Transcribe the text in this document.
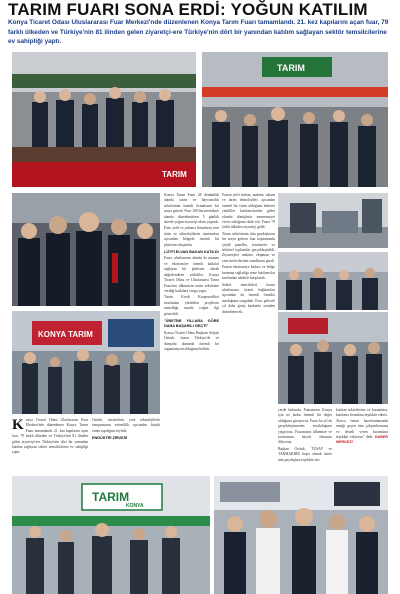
TARIM FUARI SONA ERDİ: YOĞUN KATILIM
Konya Ticaret Odası Uluslararası Fuar Merkezi'nde düzenlenen Konya Tarım Fuarı tamamlandı. 21. kez kapılarını açan fuar, 79 farklı ülkeden ve Türkiye'nin 81 ilinden gelen ziyaretçi-ere Türkiye'nin dört bir yanından katılım sağlayan sektör temsilcilerine ev sahipliği yaptı.
TARIM
TARIM
KONYA TARIM
TARIM
KONYA

Konya Ticaret Odası Uluslararası Fuar Merkezi'nde düzenlenen Konya Tarım Fuarı tamamlandı. 21. kez kapılarını açan fuar, 79 farklı ülkeden ve Türkiye'nin 81 ilinden gelen ziyaretçi-ere Türkiye'nin dört bir yanından katılım sağlayan sektör temsilcilerine ev sahipliği yaptı.

Öztürk, üreticilerin yeni teknolojilerle tanışmasının verimlilik açısından büyük önem taşıdığını söyledi.

ENDÜSTRİ ZİRVESİ

Konya Tarım Fuarı 28 dönümlük alanda tarım ve hayvancılık sektörünün önemli firmalarını bir araya getirdi. Fuar 100 bin metrekare alanda düzenlenirken 5 günlük sürede yoğun ziyaretçi akını yaşandı.

Fuar, yerli ve yabancı firmaların yeni ürün ve teknolojilerini tanıtmaları açısından bölgede önemli bir platform oluşturdu.

LÜTFİ ELVAN BAKAN KATILDI

Fuarı, uluslararası alanda da tanınan ve ekonomiye önemli katkılar sağlayan bir platform olarak değerlendiren yetkililer, Konya Ticaret Odası ve Uluslararası Tarım Fuarı'nın ülkemizin tarım sektörüne verdiği katkılara vurgu yaptı.

Tarım Kredi Kooperatifleri tarafından yürütülen projelerin tanıtıldığı standa yoğun ilgi gösterildi.

"ÜRETİMİ YILLARA GÖRE DAHA BAŞARILI GEÇTİ"

Konya Ticaret Odası Başkanı Selçuk Öztürk, fuarın Türkiye'de ve dünyada alanında önemli bir organizasyon olduğunu belirtti.

Fuarın yerli üretim, makine, tohum ve tarım teknolojileri açısından önemli bir vitrin olduğunu belirten yetkililer katılımcılardan gelen olumlu dönüşlerin memnuniyet verici olduğunu ifade etti. Fuara 79 farklı ülkeden ziyaretçi geldi.

Tarım sektörünün tüm paydaşlarını bir araya getiren fuar kapsamında çeşitli paneller, seminerler ve sektörel toplantılar gerçekleştirildi. Ziyaretçiler makine, ekipman ve yem üreticilerinin standlarını gezdi.

Fuarın ekonomiye katkısı ve bölge tarımına sağladığı ivme katılımcılar tarafından takdirle karşılandı.

Sektör temsilcileri fuarın uluslararası ticaret bağlantıları açısından da önemli fırsatlar sunduğunu vurguladı. Fuar, gelecek yıl daha geniş katılımla yeniden düzenlenecek.

yerde bulundu. Fuarımızın Konya için ne kadar önemli bir değer olduğunu görüyoruz. Fuarı bu yıl da gerçekleştirmenin mutluluğunu yaşıyoruz. Fuarımızın ülkemize ve tarımımıza hayırlı olmasını diliyoruz.

Başkan Öztürk, TÜSAF ve TARMAKBİR başta olmak üzere tüm paydaşlara teşekkür etti.

katılım sektörlerine ve kurumlara, katılımcı firmalara teşekkür ederiz. Ayrıca fuarın hazırlanmasında emeği geçen tüm çalışanlarımıza ve destek veren kurumlara teşekkür ediyoruz" dedi. HABER MERKEZİ
